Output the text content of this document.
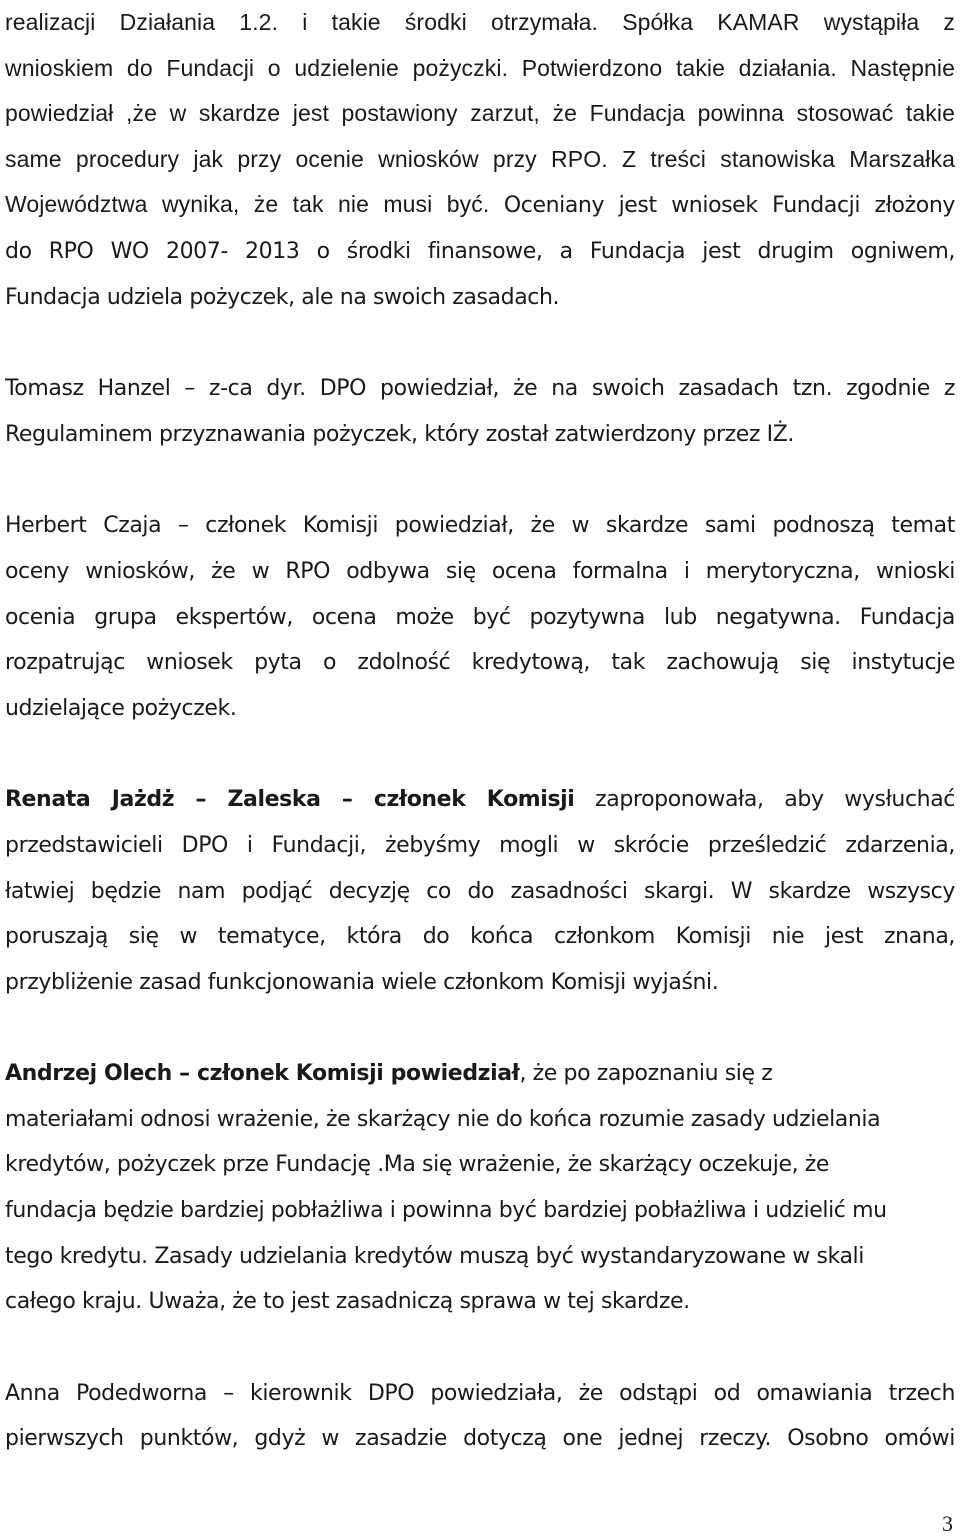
realizacji Działania 1.2. i takie środki otrzymała. Spółka KAMAR wystąpiła z
wnioskiem do Fundacji o udzielenie pożyczki. Potwierdzono takie działania. Następnie
powiedział ,że w skardze jest postawiony zarzut, że Fundacja powinna stosować takie
same procedury jak przy ocenie wniosków przy RPO. Z treści stanowiska Marszałka
Województwa wynika, że tak nie musi być. Oceniany jest wniosek Fundacji złożony
do RPO WO 2007- 2013 o środki finansowe, a Fundacja jest drugim ogniwem,
Fundacja udziela pożyczek, ale na swoich zasadach.
Tomasz Hanzel – z-ca dyr. DPO powiedział, że na swoich zasadach tzn. zgodnie z
Regulaminem przyznawania pożyczek, który został zatwierdzony przez IŻ.
Herbert Czaja – członek Komisji powiedział, że w skardze sami podnoszą temat
oceny wniosków, że w RPO odbywa się ocena formalna i merytoryczna, wnioski
ocenia grupa ekspertów, ocena może być pozytywna lub negatywna. Fundacja
rozpatrując wniosek pyta o zdolność kredytową, tak zachowują się instytucje
udzielające pożyczek.
Renata Jażdż – Zaleska – członek Komisji zaproponowała, aby wysłuchać
przedstawicieli DPO i Fundacji, żebyśmy mogli w skrócie prześledzić zdarzenia,
łatwiej będzie nam podjąć decyzję co do zasadności skargi. W skardze wszyscy
poruszają się w tematyce, która do końca członkom Komisji nie jest znana,
przybliżenie zasad funkcjonowania wiele członkom Komisji wyjaśni.
Andrzej Olech – członek Komisji powiedział, że po zapoznaniu się z
materiałami odnosi wrażenie, że skarżący nie do końca rozumie zasady udzielania
kredytów, pożyczek prze Fundację .Ma się wrażenie, że skarżący oczekuje, że
fundacja będzie bardziej pobłażliwa i powinna być bardziej pobłażliwa i udzielić mu
tego kredytu. Zasady udzielania kredytów muszą być wystandaryzowane w skali
całego kraju. Uważa, że to jest zasadniczą sprawa w tej skardze.
Anna Podedworna – kierownik DPO powiedziała, że odstąpi od omawiania trzech
pierwszych punktów, gdyż w zasadzie dotyczą one jednej rzeczy. Osobno omówi
3
